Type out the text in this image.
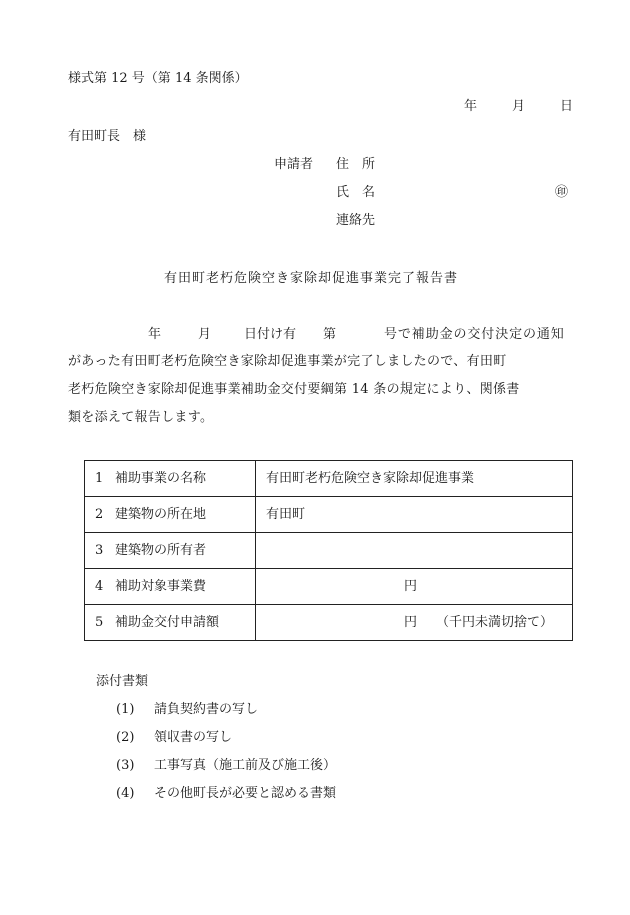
様式第 12 号（第 14 条関係）
年	月	日
有田町長　様
申請者 住　所
氏　名	㊞
連絡先
有田町老朽危険空き家除却促進事業完了報告書
年	月	日付け有 第	号で補助金の交付決定の通知
があった有田町老朽危険空き家除却促進事業が完了しましたので、有田町
老朽危険空き家除却促進事業補助金交付要綱第 14 条の規定により、関係書
類を添えて報告します。
1 補助事業の名称	有田町老朽危険空き家除却促進事業
2 建築物の所在地	有田町
3 建築物の所有者	
4 補助対象事業費	円

5 補助金交付申請額	円 （千円未満切捨て）
添付書類
(1) 請負契約書の写し
(2) 領収書の写し
(3) 工事写真（施工前及び施工後）
(4) その他町長が必要と認める書類
